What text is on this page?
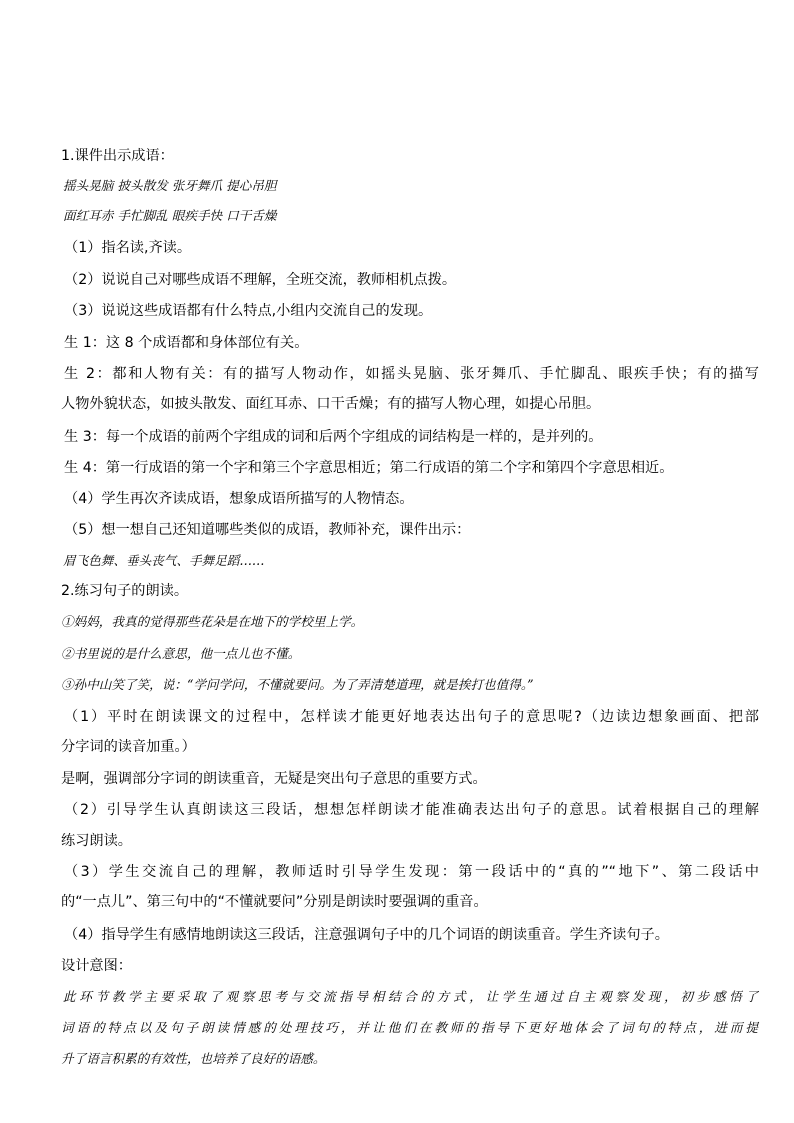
1.课件出示成语：
摇头晃脑 披头散发 张牙舞爪 提心吊胆
面红耳赤 手忙脚乱 眼疾手快 口干舌燥
（1）指名读,齐读。
（2）说说自己对哪些成语不理解，全班交流，教师相机点拨。
（3）说说这些成语都有什么特点,小组内交流自己的发现。
生 1：这 8 个成语都和身体部位有关。
生 2：都和人物有关：有的描写人物动作，如摇头晃脑、张牙舞爪、手忙脚乱、眼疾手快；有的描写
人物外貌状态，如披头散发、面红耳赤、口干舌燥；有的描写人物心理，如提心吊胆。
生 3：每一个成语的前两个字组成的词和后两个字组成的词结构是一样的，是并列的。
生 4：第一行成语的第一个字和第三个字意思相近；第二行成语的第二个字和第四个字意思相近。
（4）学生再次齐读成语，想象成语所描写的人物情态。
（5）想一想自己还知道哪些类似的成语，教师补充，课件出示：
眉飞色舞、垂头丧气、手舞足蹈……
2.练习句子的朗读。
①妈妈，我真的觉得那些花朵是在地下的学校里上学。
②书里说的是什么意思，他一点儿也不懂。
③孙中山笑了笑，说：“学问学问，不懂就要问。为了弄清楚道理，就是挨打也值得。”
（1）平时在朗读课文的过程中，怎样读才能更好地表达出句子的意思呢?（边读边想象画面、把部
分字词的读音加重。）
是啊，强调部分字词的朗读重音，无疑是突出句子意思的重要方式。
（2）引导学生认真朗读这三段话，想想怎样朗读才能准确表达出句子的意思。试着根据自己的理解
练习朗读。
（3）学生交流自己的理解，教师适时引导学生发现：第一段话中的“真的”“地下”、第二段话中
的“一点儿”、第三句中的“不懂就要问”分别是朗读时要强调的重音。
（4）指导学生有感情地朗读这三段话，注意强调句子中的几个词语的朗读重音。学生齐读句子。
设计意图：
此环节教学主要采取了观察思考与交流指导相结合的方式，让学生通过自主观察发现，初步感悟了
词语的特点以及句子朗读情感的处理技巧，并让他们在教师的指导下更好地体会了词句的特点，进而提
升了语言积累的有效性，也培养了良好的语感。
